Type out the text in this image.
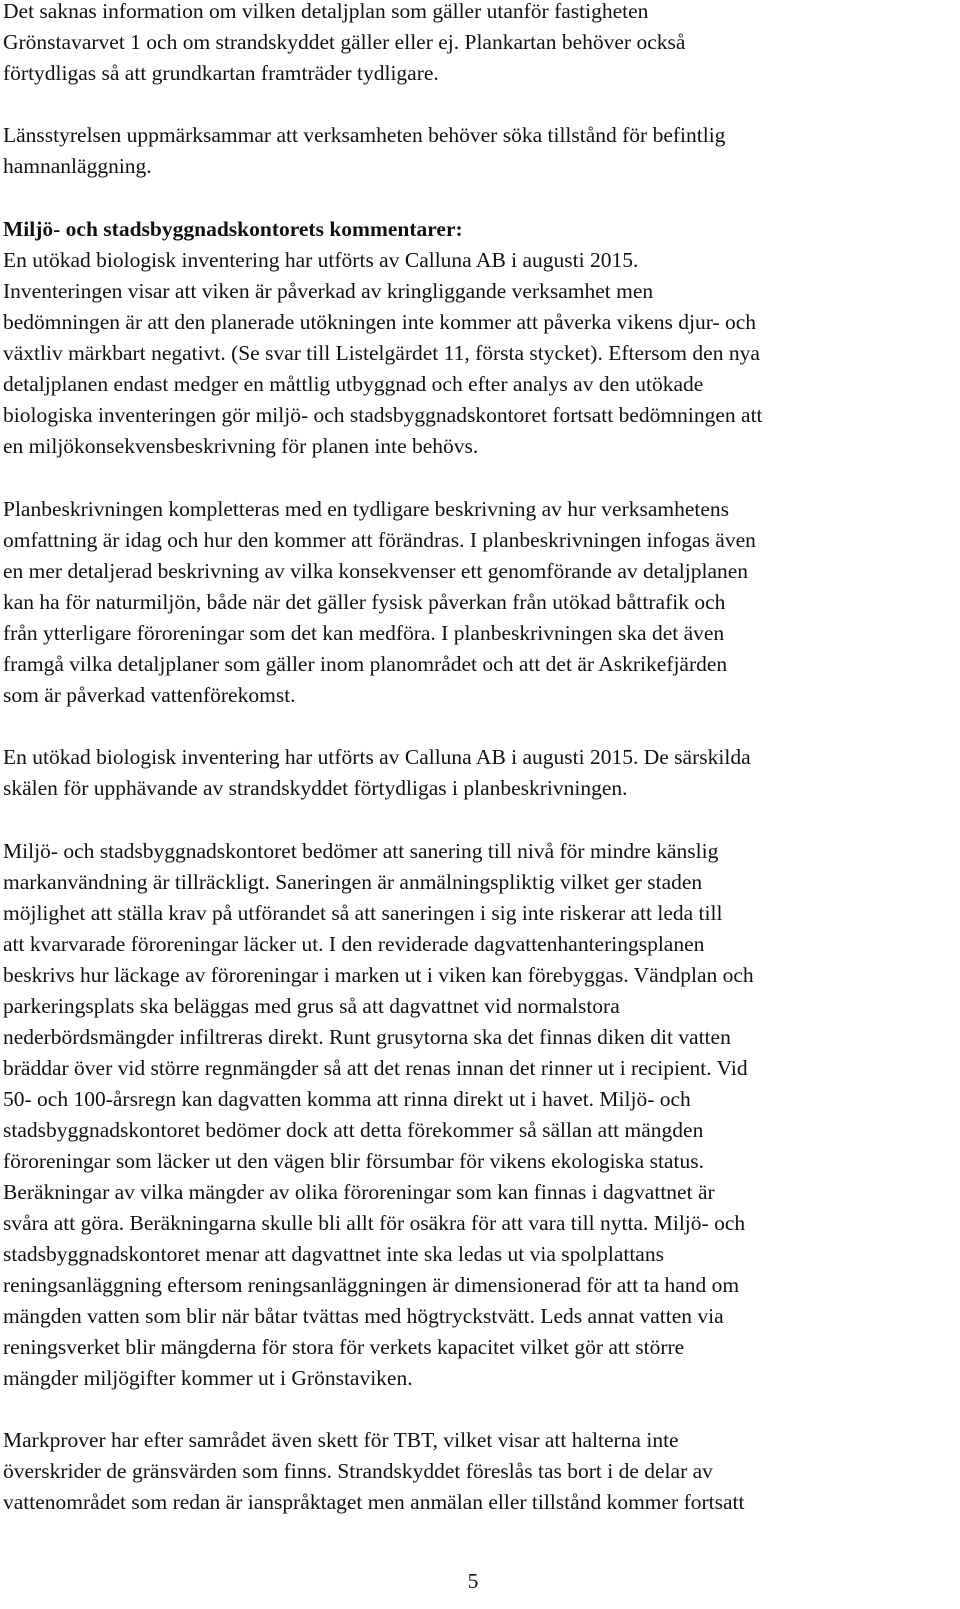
Det saknas information om vilken detaljplan som gäller utanför fastigheten
Grönstavarvet 1 och om strandskyddet gäller eller ej. Plankartan behöver också
förtydligas så att grundkartan framträder tydligare.

Länsstyrelsen uppmärksammar att verksamheten behöver söka tillstånd för befintlig
hamnanläggning.

Miljö- och stadsbyggnadskontorets kommentarer:

En utökad biologisk inventering har utförts av Calluna AB i augusti 2015.
Inventeringen visar att viken är påverkad av kringliggande verksamhet men
bedömningen är att den planerade utökningen inte kommer att påverka vikens djur- och
växtliv märkbart negativt. (Se svar till Listelgärdet 11, första stycket). Eftersom den nya
detaljplanen endast medger en måttlig utbyggnad och efter analys av den utökade
biologiska inventeringen gör miljö- och stadsbyggnadskontoret fortsatt bedömningen att
en miljökonsekvensbeskrivning för planen inte behövs.

Planbeskrivningen kompletteras med en tydligare beskrivning av hur verksamhetens
omfattning är idag och hur den kommer att förändras. I planbeskrivningen infogas även
en mer detaljerad beskrivning av vilka konsekvenser ett genomförande av detaljplanen
kan ha för naturmiljön, både när det gäller fysisk påverkan från utökad båttrafik och
från ytterligare föroreningar som det kan medföra. I planbeskrivningen ska det även
framgå vilka detaljplaner som gäller inom planområdet och att det är Askrikefjärden
som är påverkad vattenförekomst.

En utökad biologisk inventering har utförts av Calluna AB i augusti 2015. De särskilda
skälen för upphävande av strandskyddet förtydligas i planbeskrivningen.

Miljö- och stadsbyggnadskontoret bedömer att sanering till nivå för mindre känslig
markanvändning är tillräckligt. Saneringen är anmälningspliktig vilket ger staden
möjlighet att ställa krav på utförandet så att saneringen i sig inte riskerar att leda till
att kvarvarade föroreningar läcker ut. I den reviderade dagvattenhanteringsplanen
beskrivs hur läckage av föroreningar i marken ut i viken kan förebyggas. Vändplan och
parkeringsplats ska beläggas med grus så att dagvattnet vid normalstora
nederbördsmängder infiltreras direkt. Runt grusytorna ska det finnas diken dit vatten
bräddar över vid större regnmängder så att det renas innan det rinner ut i recipient. Vid
50- och 100-årsregn kan dagvatten komma att rinna direkt ut i havet. Miljö- och
stadsbyggnadskontoret bedömer dock att detta förekommer så sällan att mängden
föroreningar som läcker ut den vägen blir försumbar för vikens ekologiska status.
Beräkningar av vilka mängder av olika föroreningar som kan finnas i dagvattnet är
svåra att göra. Beräkningarna skulle bli allt för osäkra för att vara till nytta. Miljö- och
stadsbyggnadskontoret menar att dagvattnet inte ska ledas ut via spolplattans
reningsanläggning eftersom reningsanläggningen är dimensionerad för att ta hand om
mängden vatten som blir när båtar tvättas med högtryckstvätt. Leds annat vatten via
reningsverket blir mängderna för stora för verkets kapacitet vilket gör att större
mängder miljögifter kommer ut i Grönstaviken.

Markprover har efter samrådet även skett för TBT, vilket visar att halterna inte
överskrider de gränsvärden som finns. Strandskyddet föreslås tas bort i de delar av
vattenområdet som redan är ianspråktaget men anmälan eller tillstånd kommer fortsatt

5
